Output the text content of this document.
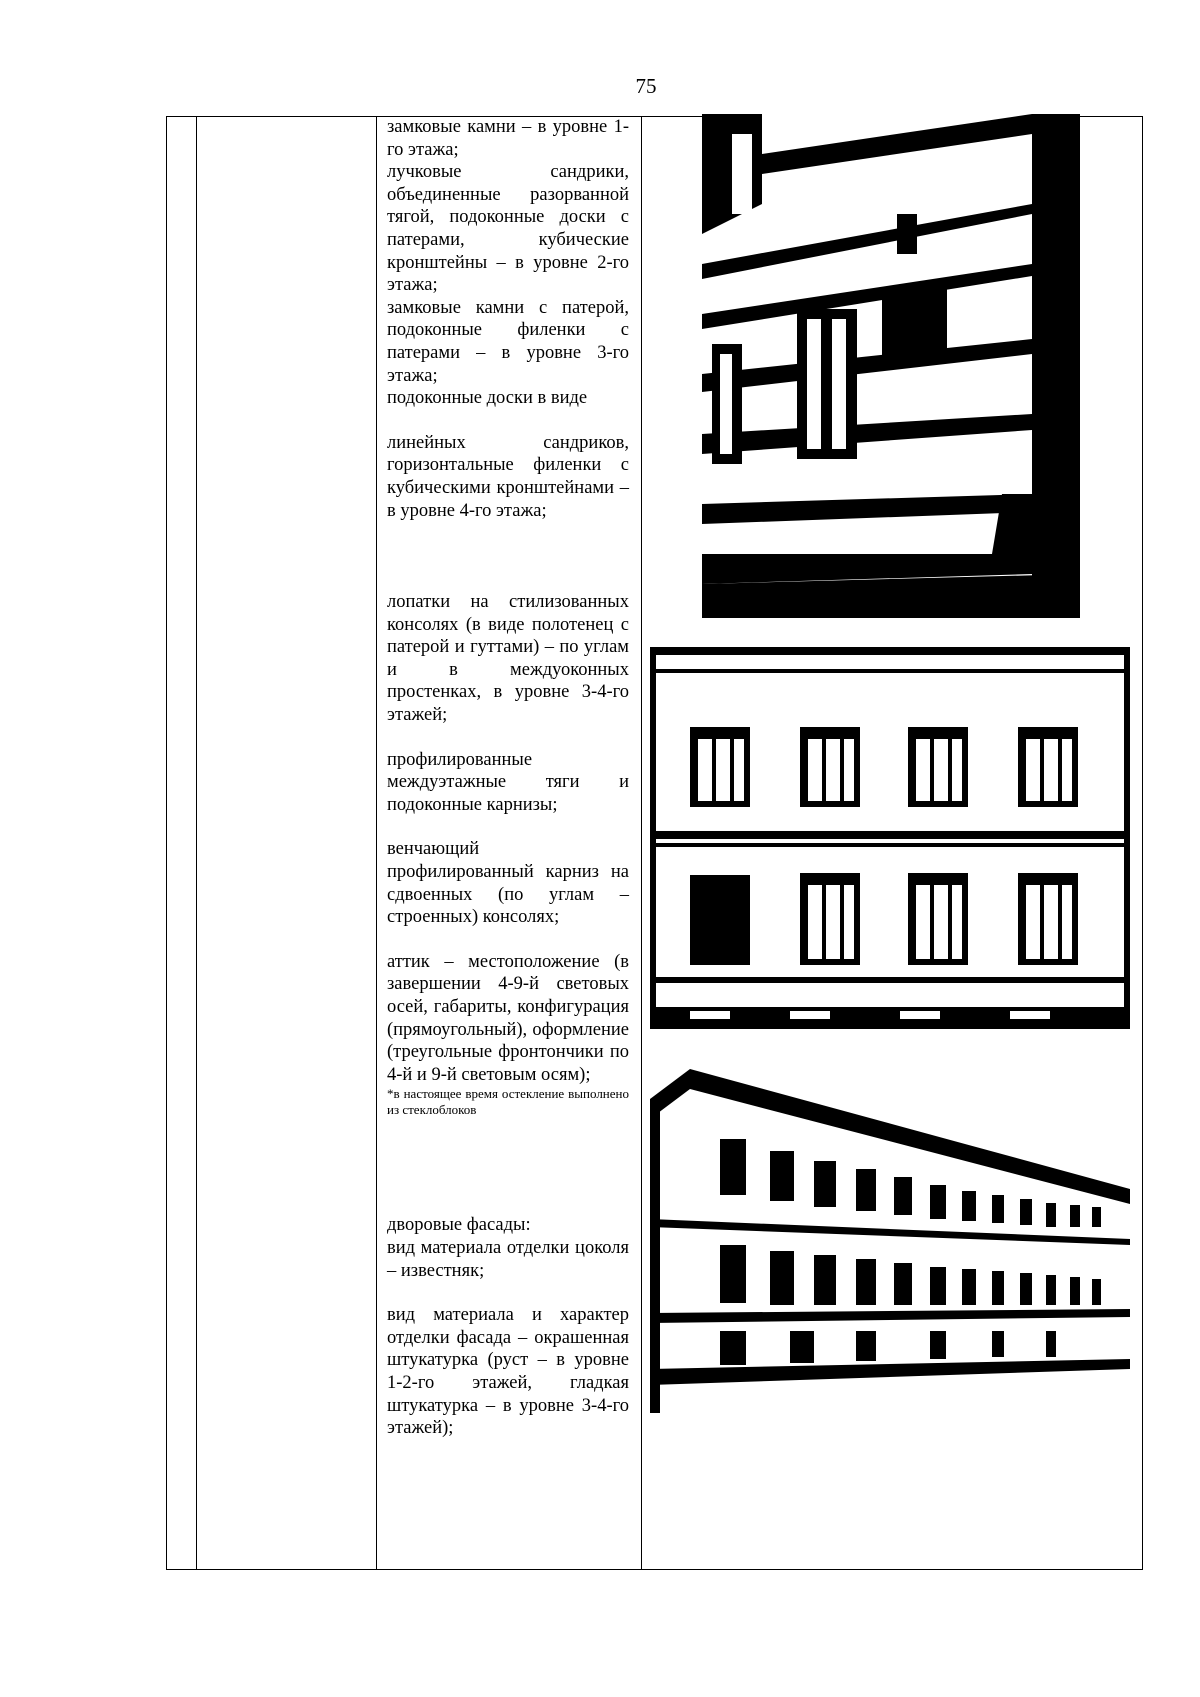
75

замковые камни – в уровне 1-го этажа;

лучковые сандрики, объединенные разорванной тягой, подоконные доски с патерами, кубические кронштейны – в уровне 2-го этажа;

замковые камни с патерой, подоконные филенки с патерами – в уровне 3-го этажа;

подоконные доски в виде

линейных сандриков, горизонтальные филенки с кубическими кронштейнами – в уровне 4-го этажа;

лопатки на стилизованных консолях (в виде полотенец с патерой и гуттами) – по углам и в междуоконных простенках, в уровне 3-4-го этажей;

профилированные междуэтажные тяги и подоконные карнизы;

венчающий профилированный карниз на сдвоенных (по углам – строенных) консолях;

аттик – местоположение (в завершении 4-9-й световых осей, габариты, конфигурация (прямоугольный), оформление (треугольные фронтончики по 4-й и 9-й световым осям);

*в настоящее время остекление выполнено из стеклоблоков

дворовые фасады:

вид материала отделки цоколя – известняк;

вид материала и характер отделки фасада – окрашенная штукатурка (руст – в уровне 1-2-го этажей, гладкая штукатурка – в уровне 3-4-го этажей);
